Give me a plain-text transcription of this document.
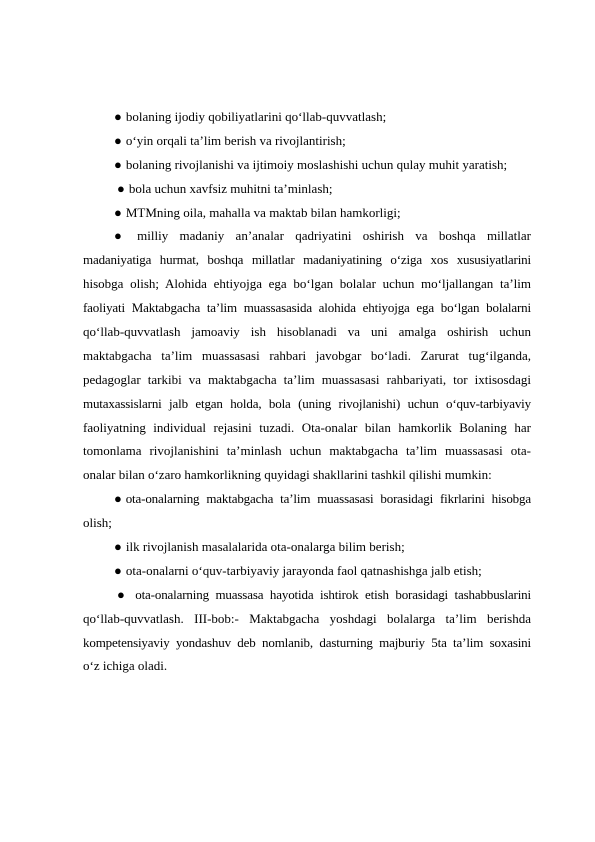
● bolaning ijodiy qobiliyatlarini qo‘llab-quvvatlash;
● o‘yin orqali ta’lim berish va rivojlantirish;
● bolaning rivojlanishi va ijtimoiy moslashishi uchun qulay muhit yaratish;
● bola uchun xavfsiz muhitni ta’minlash;
● MTMning oila, mahalla va maktab bilan hamkorligi;
● milliy madaniy an’analar qadriyatini oshirish va boshqa millatlar
madaniyatiga hurmat, boshqa millatlar madaniyatining o‘ziga xos xususiyatlarini
hisobga olish; Alohida ehtiyojga ega bo‘lgan bolalar uchun mo‘ljallangan ta’lim
faoliyati Maktabgacha ta’lim muassasasida alohida ehtiyojga ega bo‘lgan bolalarni
qo‘llab-quvvatlash jamoaviy ish hisoblanadi va uni amalga oshirish uchun
maktabgacha ta’lim muassasasi rahbari javobgar bo‘ladi. Zarurat tug‘ilganda,
pedagoglar tarkibi va maktabgacha ta’lim muassasasi rahbariyati, tor ixtisosdagi
mutaxassislarni jalb etgan holda, bola (uning rivojlanishi) uchun o‘quv-tarbiyaviy
faoliyatning individual rejasini tuzadi. Ota-onalar bilan hamkorlik Bolaning har
tomonlama rivojlanishini ta’minlash uchun maktabgacha ta’lim muassasasi ota-
onalar bilan o‘zaro hamkorlikning quyidagi shakllarini tashkil qilishi mumkin:
● ota-onalarning maktabgacha ta’lim muassasasi borasidagi fikrlarini hisobga
olish;
● ilk rivojlanish masalalarida ota-onalarga bilim berish;
● ota-onalarni o‘quv-tarbiyaviy jarayonda faol qatnashishga jalb etish;
● ota-onalarning muassasa hayotida ishtirok etish borasidagi tashabbuslarini
qo‘llab-quvvatlash. III-bob:- Maktabgacha yoshdagi bolalarga ta’lim berishda
kompetensiyaviy yondashuv deb nomlanib, dasturning majburiy 5ta ta’lim soxasini
o‘z ichiga oladi.
